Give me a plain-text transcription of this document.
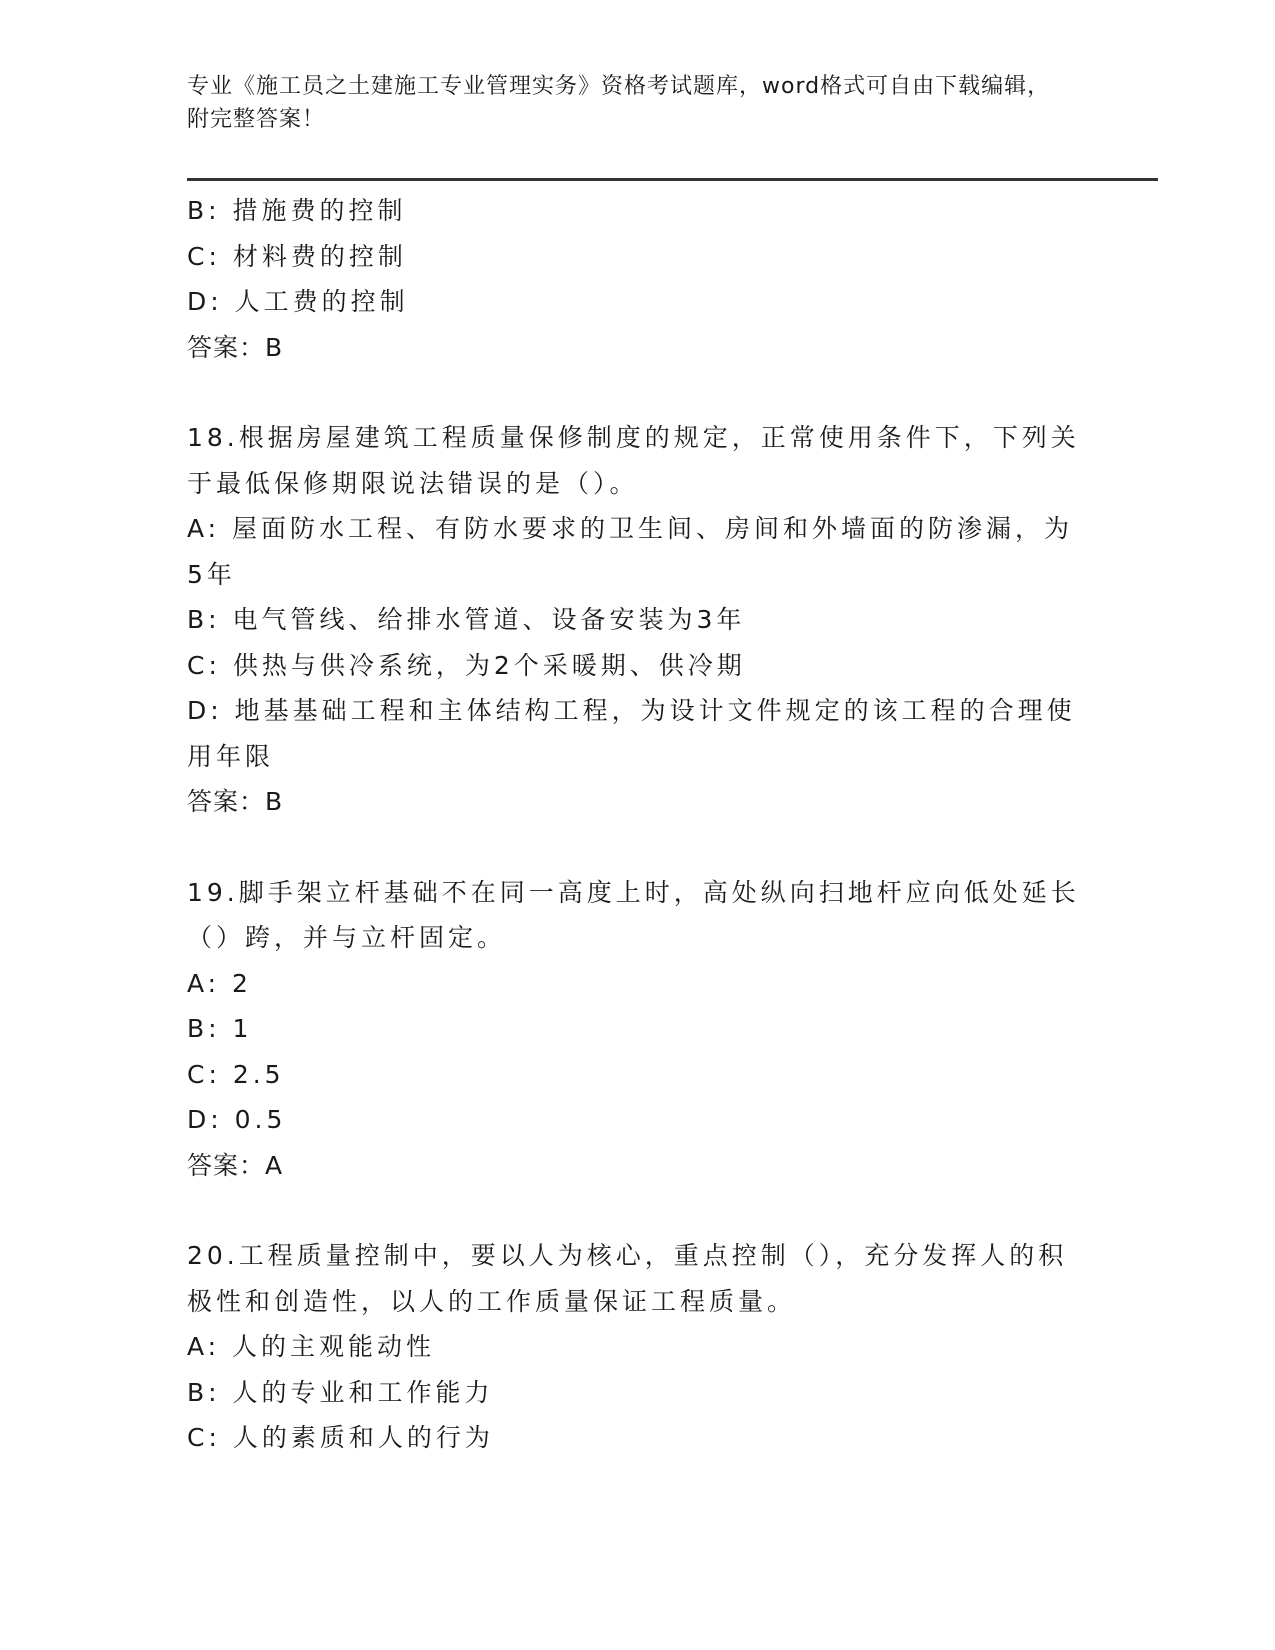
专业《施工员之土建施工专业管理实务》资格考试题库，word格式可自由下载编辑，附完整答案！

B: 措施费的控制

C: 材料费的控制

D: 人工费的控制

答案：B

18.根据房屋建筑工程质量保修制度的规定，正常使用条件下，下列关于最低保修期限说法错误的是（）。

A: 屋面防水工程、有防水要求的卫生间、房间和外墙面的防渗漏，为5年

B: 电气管线、给排水管道、设备安装为3年

C: 供热与供冷系统，为2个采暖期、供冷期

D: 地基基础工程和主体结构工程，为设计文件规定的该工程的合理使用年限

答案：B

19.脚手架立杆基础不在同一高度上时，高处纵向扫地杆应向低处延长（）跨，并与立杆固定。

A: 2

B: 1

C: 2.5

D: 0.5

答案：A

20.工程质量控制中，要以人为核心，重点控制（），充分发挥人的积极性和创造性，以人的工作质量保证工程质量。

A: 人的主观能动性

B: 人的专业和工作能力

C: 人的素质和人的行为
